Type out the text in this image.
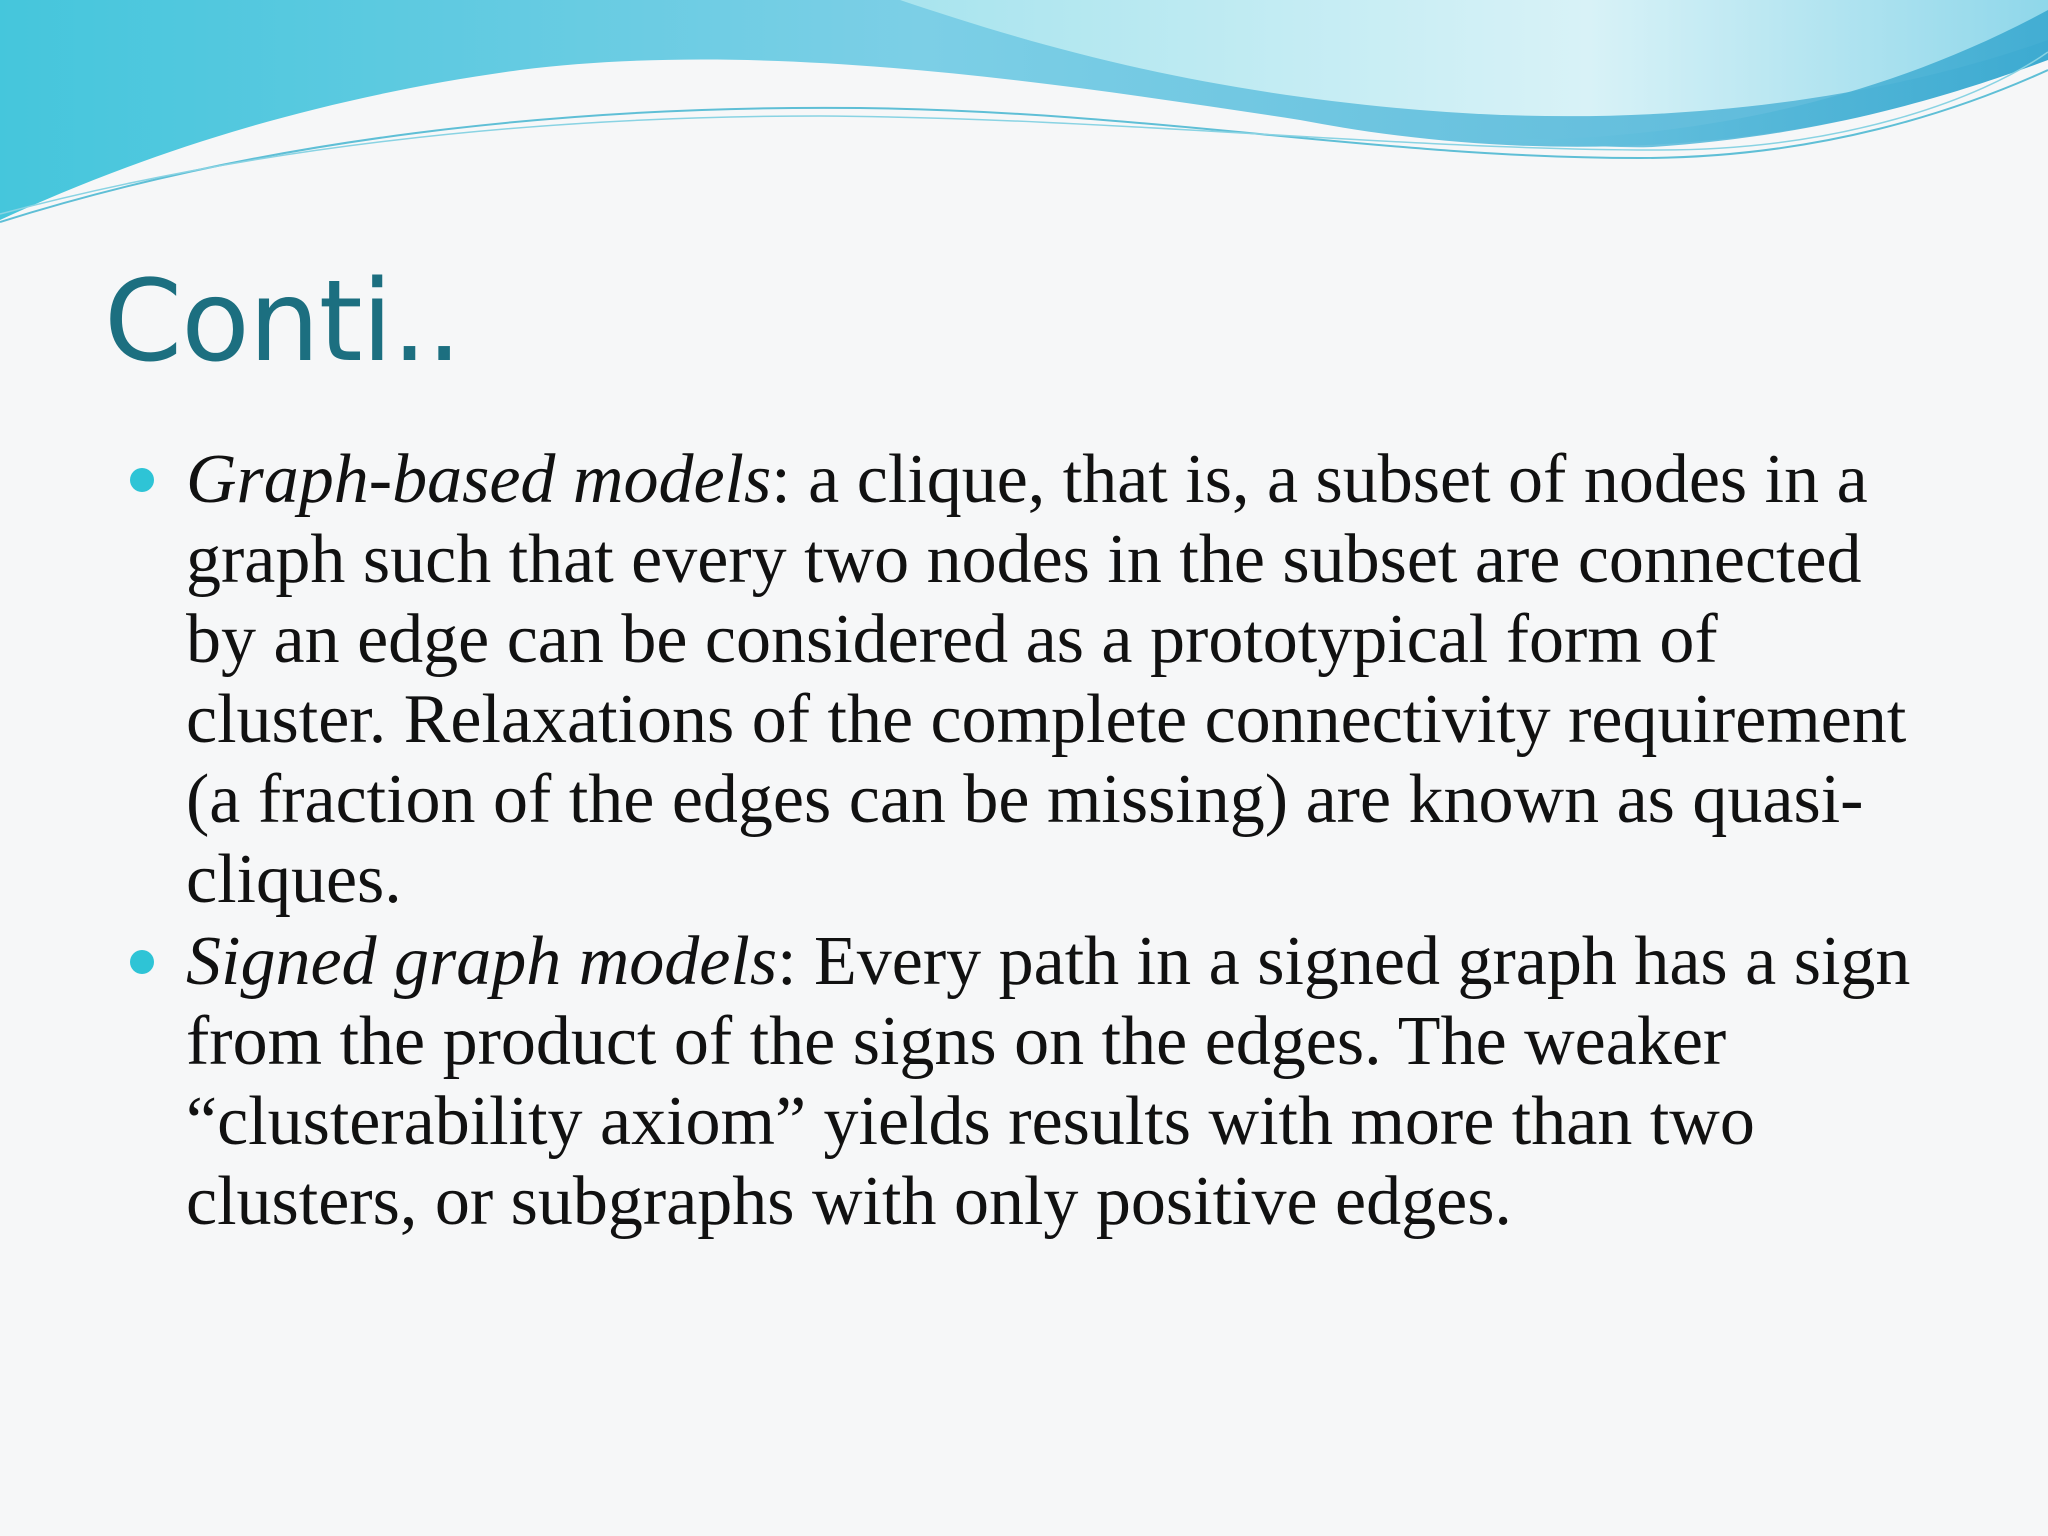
Conti..
Graph-based models: a clique, that is, a subset of nodes in a graph such that every two nodes in the subset are connected by an edge can be considered as a prototypical form of cluster. Relaxations of the complete connectivity requirement (a fraction of the edges can be missing) are known as quasi-cliques.
Signed graph models: Every path in a signed graph has a sign from the product of the signs on the edges. The weaker “clusterability axiom” yields results with more than two clusters, or subgraphs with only positive edges.
